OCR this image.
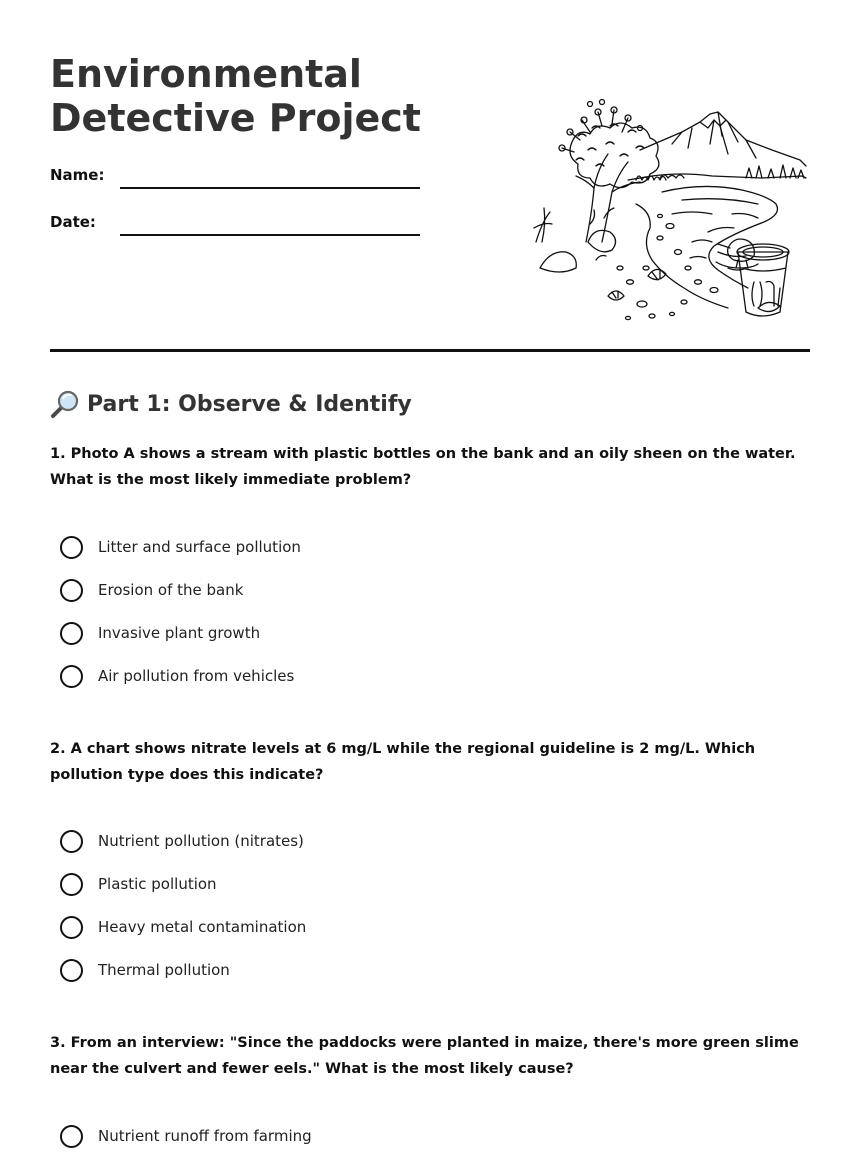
Environmental
Detective Project
Name:
Date:
Part 1: Observe & Identify

1. Photo A shows a stream with plastic bottles on the bank and an oily sheen on the water. What is the most likely immediate problem?

Litter and surface pollution
Erosion of the bank
Invasive plant growth
Air pollution from vehicles

2. A chart shows nitrate levels at 6 mg/L while the regional guideline is 2 mg/L. Which pollution type does this indicate?

Nutrient pollution (nitrates)
Plastic pollution
Heavy metal contamination
Thermal pollution

3. From an interview: "Since the paddocks were planted in maize, there's more green slime near the culvert and fewer eels." What is the most likely cause?

Nutrient runoff from farming
